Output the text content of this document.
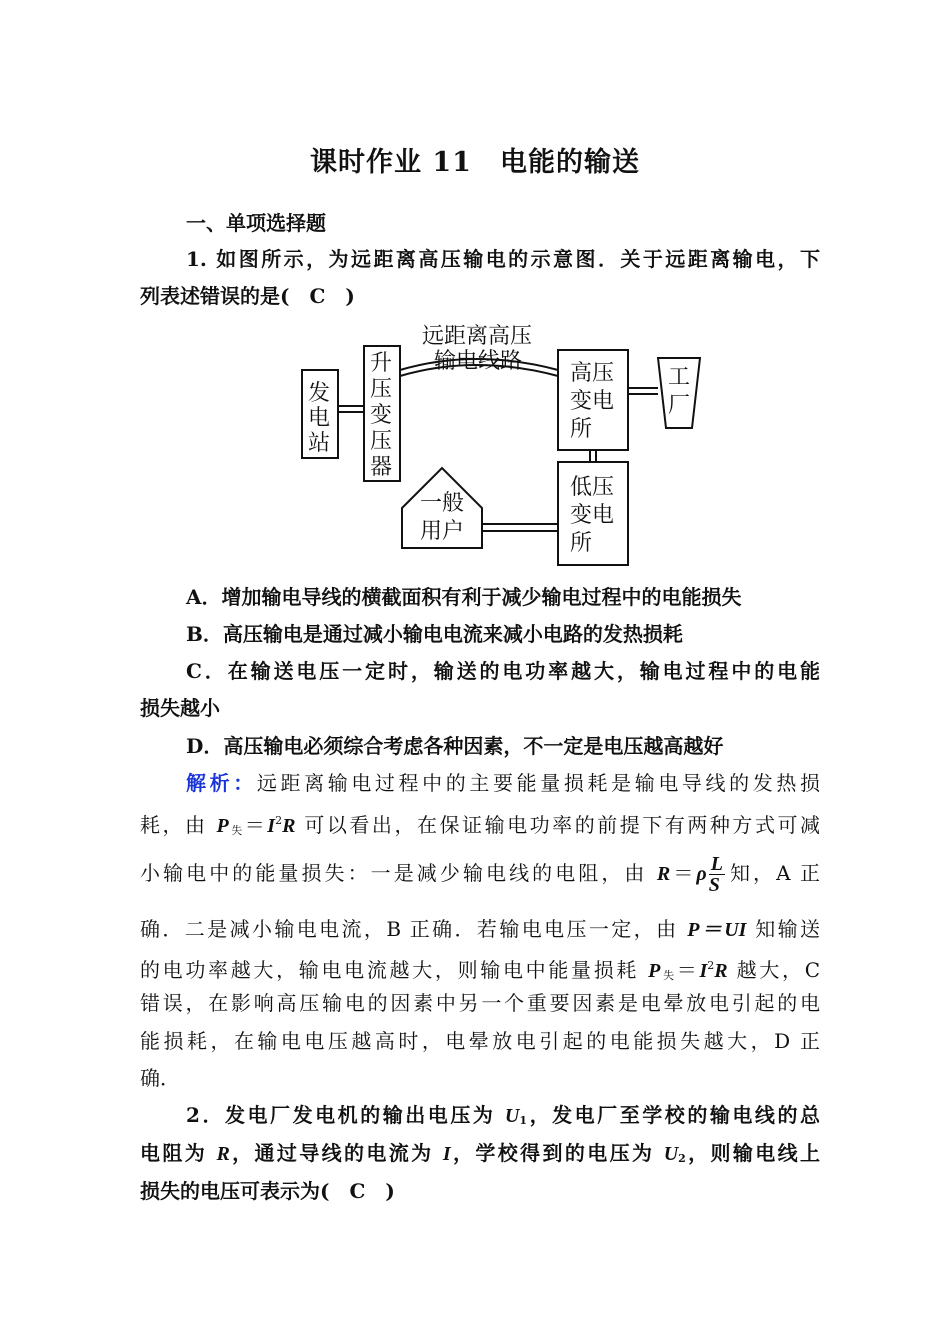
课时作业 11　电能的输送
一、单项选择题
1. 如图所示，为远距离高压输电的示意图．关于远距离输电，下
列表述错误的是(　C　)
发
电
站
升
压
变
压
器
远距离高压
输电线路 高压
变电
所
工
厂
低压
变电
所
一般
用户
A．增加输电导线的横截面积有利于减少输电过程中的电能损失
B．高压输电是通过减小输电电流来减小电路的发热损耗
C．在输送电压一定时，输送的电功率越大，输电过程中的电能
损失越小
D．高压输电必须综合考虑各种因素，不一定是电压越高越好
解析：远距离输电过程中的主要能量损耗是输电导线的发热损
耗，由 $P_失=I^2R$ 可以看出，在保证输电功率的前提下有两种方式可减
小输电中的能量损失：一是减少输电线的电阻，由 $R=\rho \frac{L}{S}$ 知，A 正
确．二是减小输电电流，B 正确．若输电电压一定，由 P＝UI 知输送
的电功率越大，输电电流越大，则输电中能量损耗 $P_失=I^2R$ 越大，C
错误，在影响高压输电的因素中另一个重要因素是电晕放电引起的电
能损耗，在输电电压越高时，电晕放电引起的电能损失越大，D 正
确．
2．发电厂发电机的输出电压为 $U_1$，发电厂至学校的输电线的总
电阻为 R，通过导线的电流为 I，学校得到的电压为 $U_2$，则输电线上
损失的电压可表示为(　C　)
